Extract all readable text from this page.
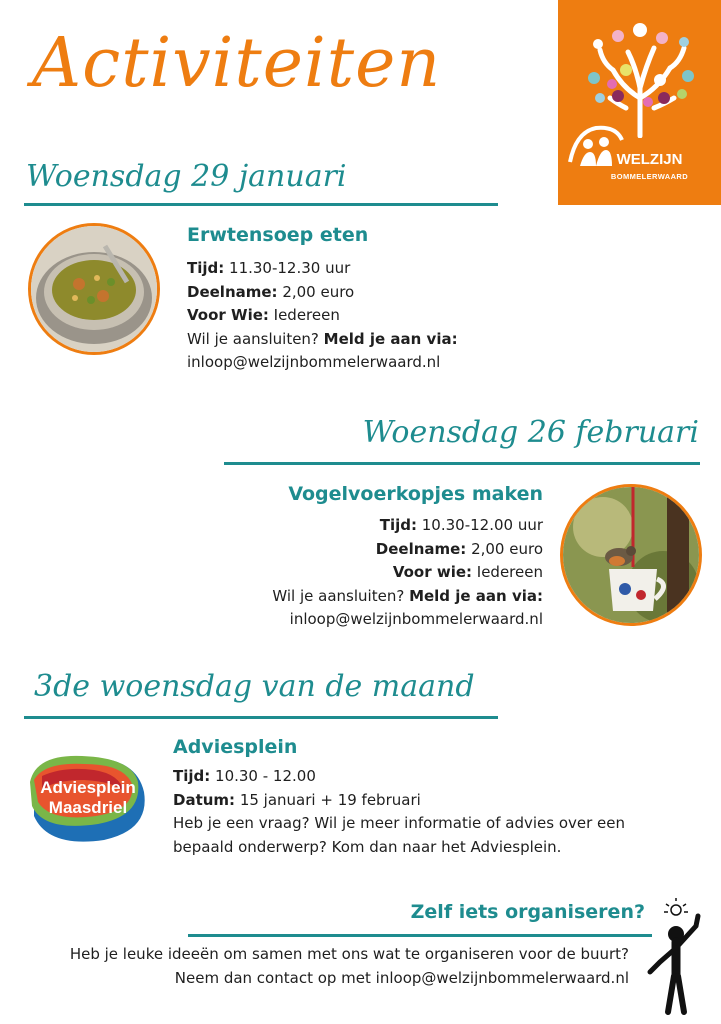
Activiteiten
WELZIJN
BOMMELERWAARD
Woensdag 29 januari
Erwtensoep eten
Tijd: 11.30-12.30 uur
Deelname: 2,00 euro
Voor Wie: Iedereen
Wil je aansluiten? Meld je aan via:
inloop@welzijnbommelerwaard.nl
Woensdag 26 februari
Vogelvoerkopjes maken
Tijd: 10.30-12.00 uur
Deelname: 2,00 euro
Voor wie: Iedereen
Wil je aansluiten? Meld je aan via:
inloop@welzijnbommelerwaard.nl
3de woensdag van de maand
Adviesplein
Maasdriel
Adviesplein
Tijd: 10.30 - 12.00
Datum: 15 januari + 19 februari
Heb je een vraag? Wil je meer informatie of advies over een
bepaald onderwerp? Kom dan naar het Adviesplein.
Zelf iets organiseren?
Heb je leuke ideeën om samen met ons wat te organiseren voor de buurt?
Neem dan contact op met inloop@welzijnbommelerwaard.nl
